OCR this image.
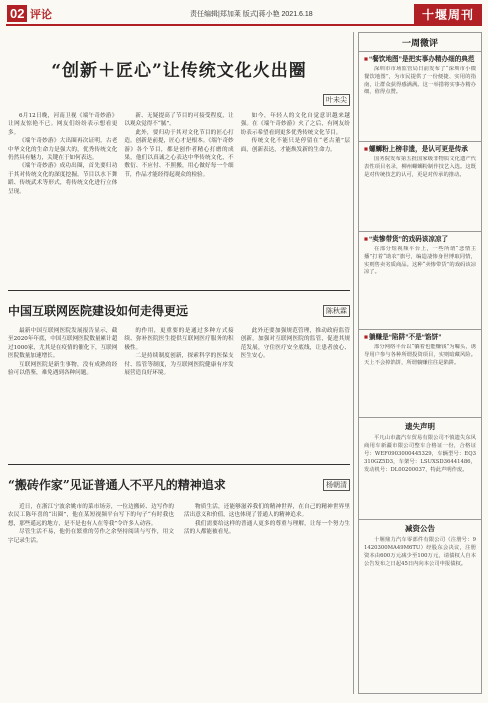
02 评论	责任编辑|郑加莱 版式|蒋小艳 2021.6.18	十堰周刊
“创新＋匠心”让传统文化火出圈
叶未尖

6月12日晚，河南卫视《端午奇妙游》让网友惊艳不已。网友们纷纷表示想看更多。

《端午奇妙游》大出圈再次证明，古老中华文化的生命力是强大的，优秀传统文化仍然具有魅力，关键在于如何表达。

《端午奇妙游》成功出圈，首先要归功于其对传统文化的深度挖掘。节目以水下舞蹈、传统武术等形式，将传统文化进行立体呈现。

新、无疑提高了节目的可接受程度，让以观众觉得不“腻”。

此外，要归功于其对文化节目的匠心打造。创新是前提，匠心才是根本。《端午奇妙游》各个节目，都是创作者精心打磨的成果，他们以真诚之心表达中华传统文化，不敷衍、不应付、不照搬，用心做好每一个细节，作品才能经得起观众的检验。

如今，年轻人的文化自觉意识越来越强。在《端午奇妙游》火了之后，有网友纷纷表示希望看到更多优秀传统文化节目。

传统文化不能只是停留在“老古董”层面，创新表达，才能焕发新的生命力。

中国互联网医院建设如何走得更远	陈秋霖

最新中国互联网医院发展报告显示，截至2020年年底，中国互联网医院数量累计超过1000家，尤其是在疫情的催化下，互联网医院数量加速增长。

互联网医院是新生事物，没有成熟的经验可以借鉴，难免遇到各种问题。

的作用，更重要的是通过多种方式接续、弥补医院医生提供互联网医疗服务的积极性。

二是持续制度创新，探索科学的医保支付、监管等制度，为互联网医院健康有序发展营造良好环境。

此外还要加强规范管理，推动政府监管创新，加强对互联网医院的监管，促进其规范发展，守住医疗安全底线，让患者放心、医生安心。

“搬砖作家”见证普通人不平凡的精神追求	杨朝清

近日，在浙江宁波余姚市的菜市场旁，一位边搬砖、边写作的农民工陈年喜的“出圈”，他在某短视频平台写下的句子“有时我也想，那些遥远的地方，是不是也有人在等我”令许多人动容。

尽管生活不易，他仍在繁重的劳作之余坚持阅读与写作，用文字记录生活。

物质生活，还能够滋养我们的精神世界，在自己的精神世界里活出意义和价值，这也体现了普通人的精神追求。

我们需要给这样的普通人更多的尊重与理解，让每一个努力生活的人都能被看见。

一周微评
■ “餐饮地图”是把实事办精办细的典范
深圳市市场监管局日前发布了“深圳市小微餐饮地图”，为市民提供了一份便捷、实用的指南，让群众获得感满满。这一举措将实事办精办细，值得点赞。
■ 螺蛳粉上榜非遗，是认可更是传承
国务院发布第五批国家级非物质文化遗产代表性项目名录，柳州螺蛳粉制作技艺入选。这既是对传统技艺的认可，更是对传承的推动。
■ “卖惨带货”的戏码该凉凉了
在部分短视频平台上，一些所谓“悲情主播”打着“助农”旗号，编造凄惨身世博取同情，实则售卖劣质商品。这种“卖惨带货”的戏码该凉凉了。
■ 躺赚是“陷阱”不是“馅饼”
部分网络平台以“躺着也能赚钱”为噱头，诱导用户参与各种所谓投资项目，实则暗藏风险。天上不会掉馅饼，所谓躺赚往往是陷阱。
遗失声明
平凡山市鑫汽车贸易有限公司不慎遗失东风商用车新疆市限公司整车合格证一份，合格证号：WEF0903000445329，车辆型号：EQ3310GZ5D3，车架号：LSUXSD36441486，发动机号：DL00200037，特此声明作废。
减资公告
十堰鼎力汽车零部件有限公司（注册号：91420300MA49M6TU）经股东会决议，注册资本由600万元减少至100万元，请债权人自本公告发布之日起45日内向本公司申报债权。
